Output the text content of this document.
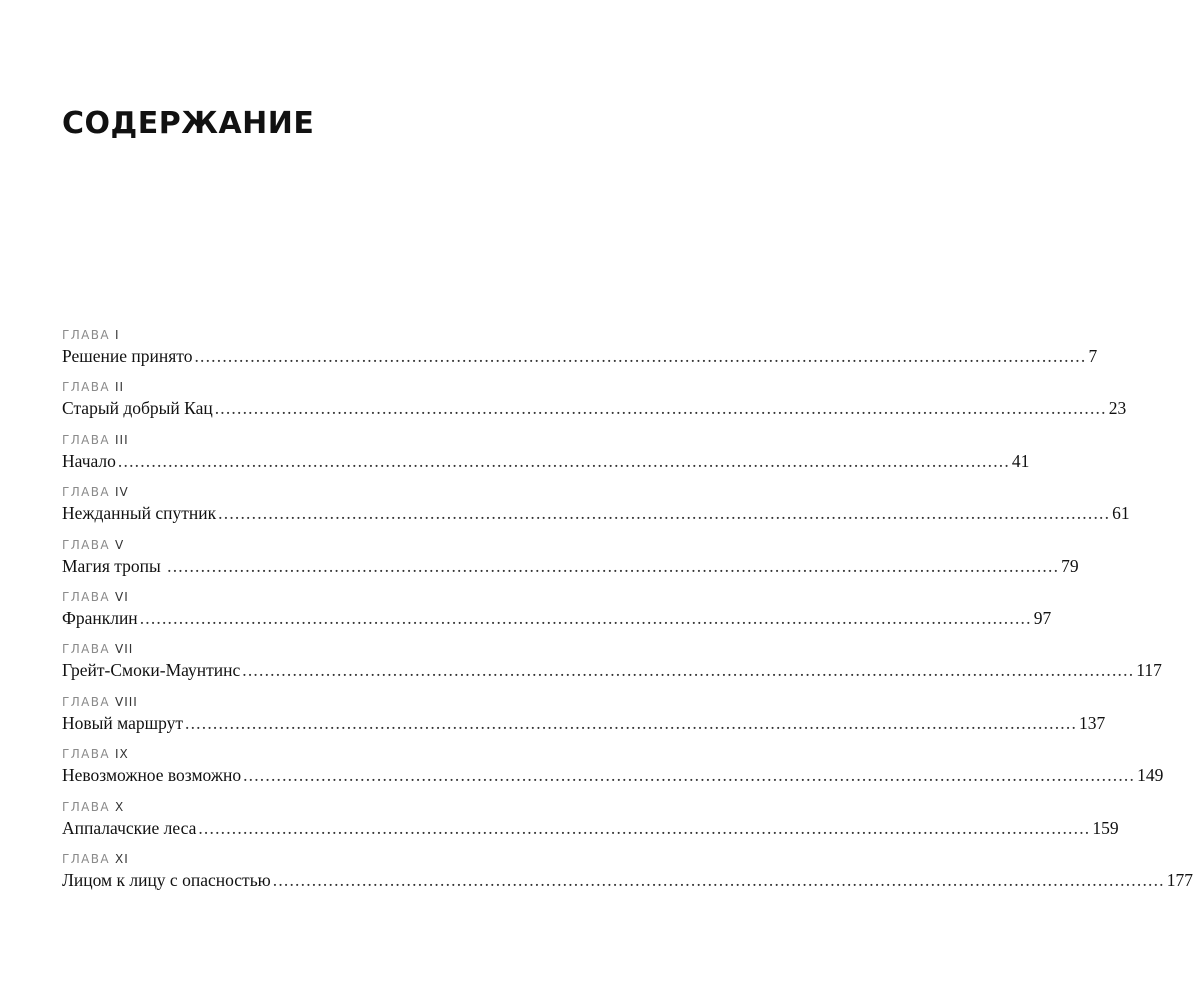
СОДЕРЖАНИЕ
ГЛАВА I
Решение принято ................................................................................................................................................................ 7
ГЛАВА II
Старый добрый Кац ................................................................................................................................................................ 23
ГЛАВА III
Начало ................................................................................................................................................................ 41
ГЛАВА IV
Нежданный спутник ................................................................................................................................................................ 61
ГЛАВА V
Магия тропы ................................................................................................................................................................ 79
ГЛАВА VI
Франклин ................................................................................................................................................................ 97
ГЛАВА VII
Грейт-Смоки-Маунтинс ................................................................................................................................................................ 117
ГЛАВА VIII
Новый маршрут ................................................................................................................................................................ 137
ГЛАВА IX
Невозможное возможно ................................................................................................................................................................ 149
ГЛАВА X
Аппалачские леса ................................................................................................................................................................ 159
ГЛАВА XI
Лицом к лицу с опасностью ................................................................................................................................................................ 177
